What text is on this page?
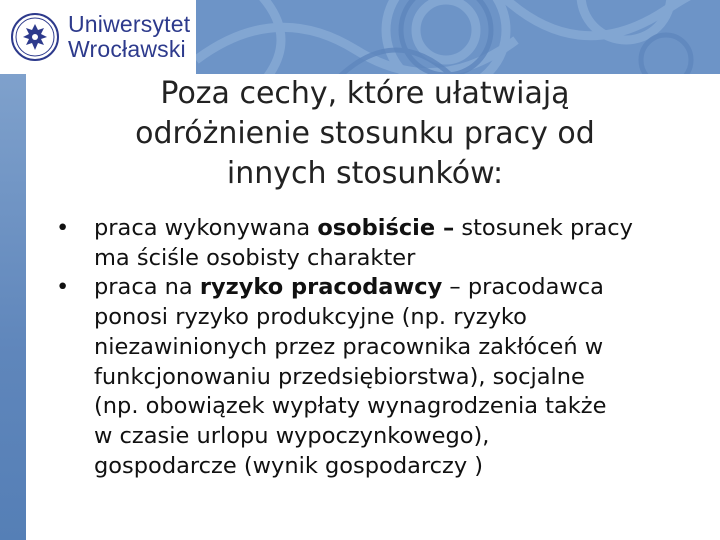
Uniwersytet
Wrocławski
Poza cechy, które ułatwiają
odróżnienie stosunku pracy od
innych stosunków:
• praca wykonywana osobiście – stosunek pracy
ma ściśle osobisty charakter
• praca na ryzyko pracodawcy – pracodawca
ponosi ryzyko produkcyjne (np. ryzyko
niezawinionych przez pracownika zakłóceń w
funkcjonowaniu przedsiębiorstwa), socjalne
(np. obowiązek wypłaty wynagrodzenia także
w czasie urlopu wypoczynkowego),
gospodarcze (wynik gospodarczy )
